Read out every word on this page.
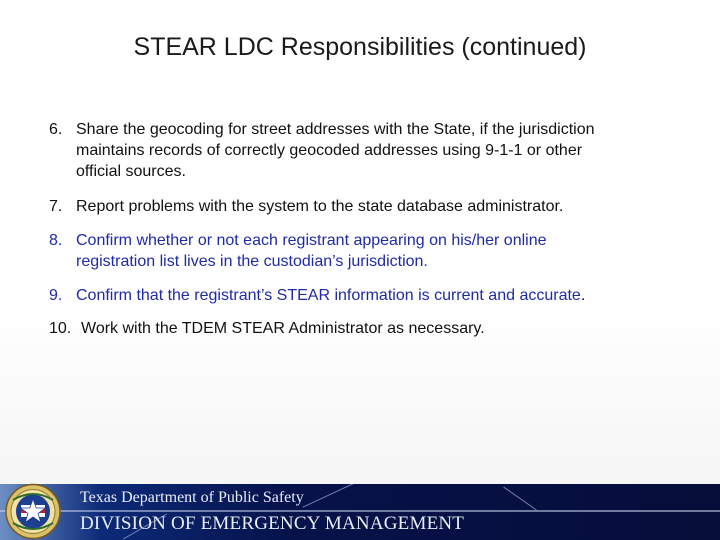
STEAR LDC Responsibilities (continued)
6. Share the geocoding for street addresses with the State, if the jurisdiction
maintains records of correctly geocoded addresses using 9-1-1 or other
official sources.
7. Report problems with the system to the state database administrator.
8. Confirm whether or not each registrant appearing on his/her online
registration list lives in the custodian’s jurisdiction.
9. Confirm that the registrant’s STEAR information is current and accurate.
10. Work with the TDEM STEAR Administrator as necessary.
Texas Department of Public Safety
DIVISION OF EMERGENCY MANAGEMENT
